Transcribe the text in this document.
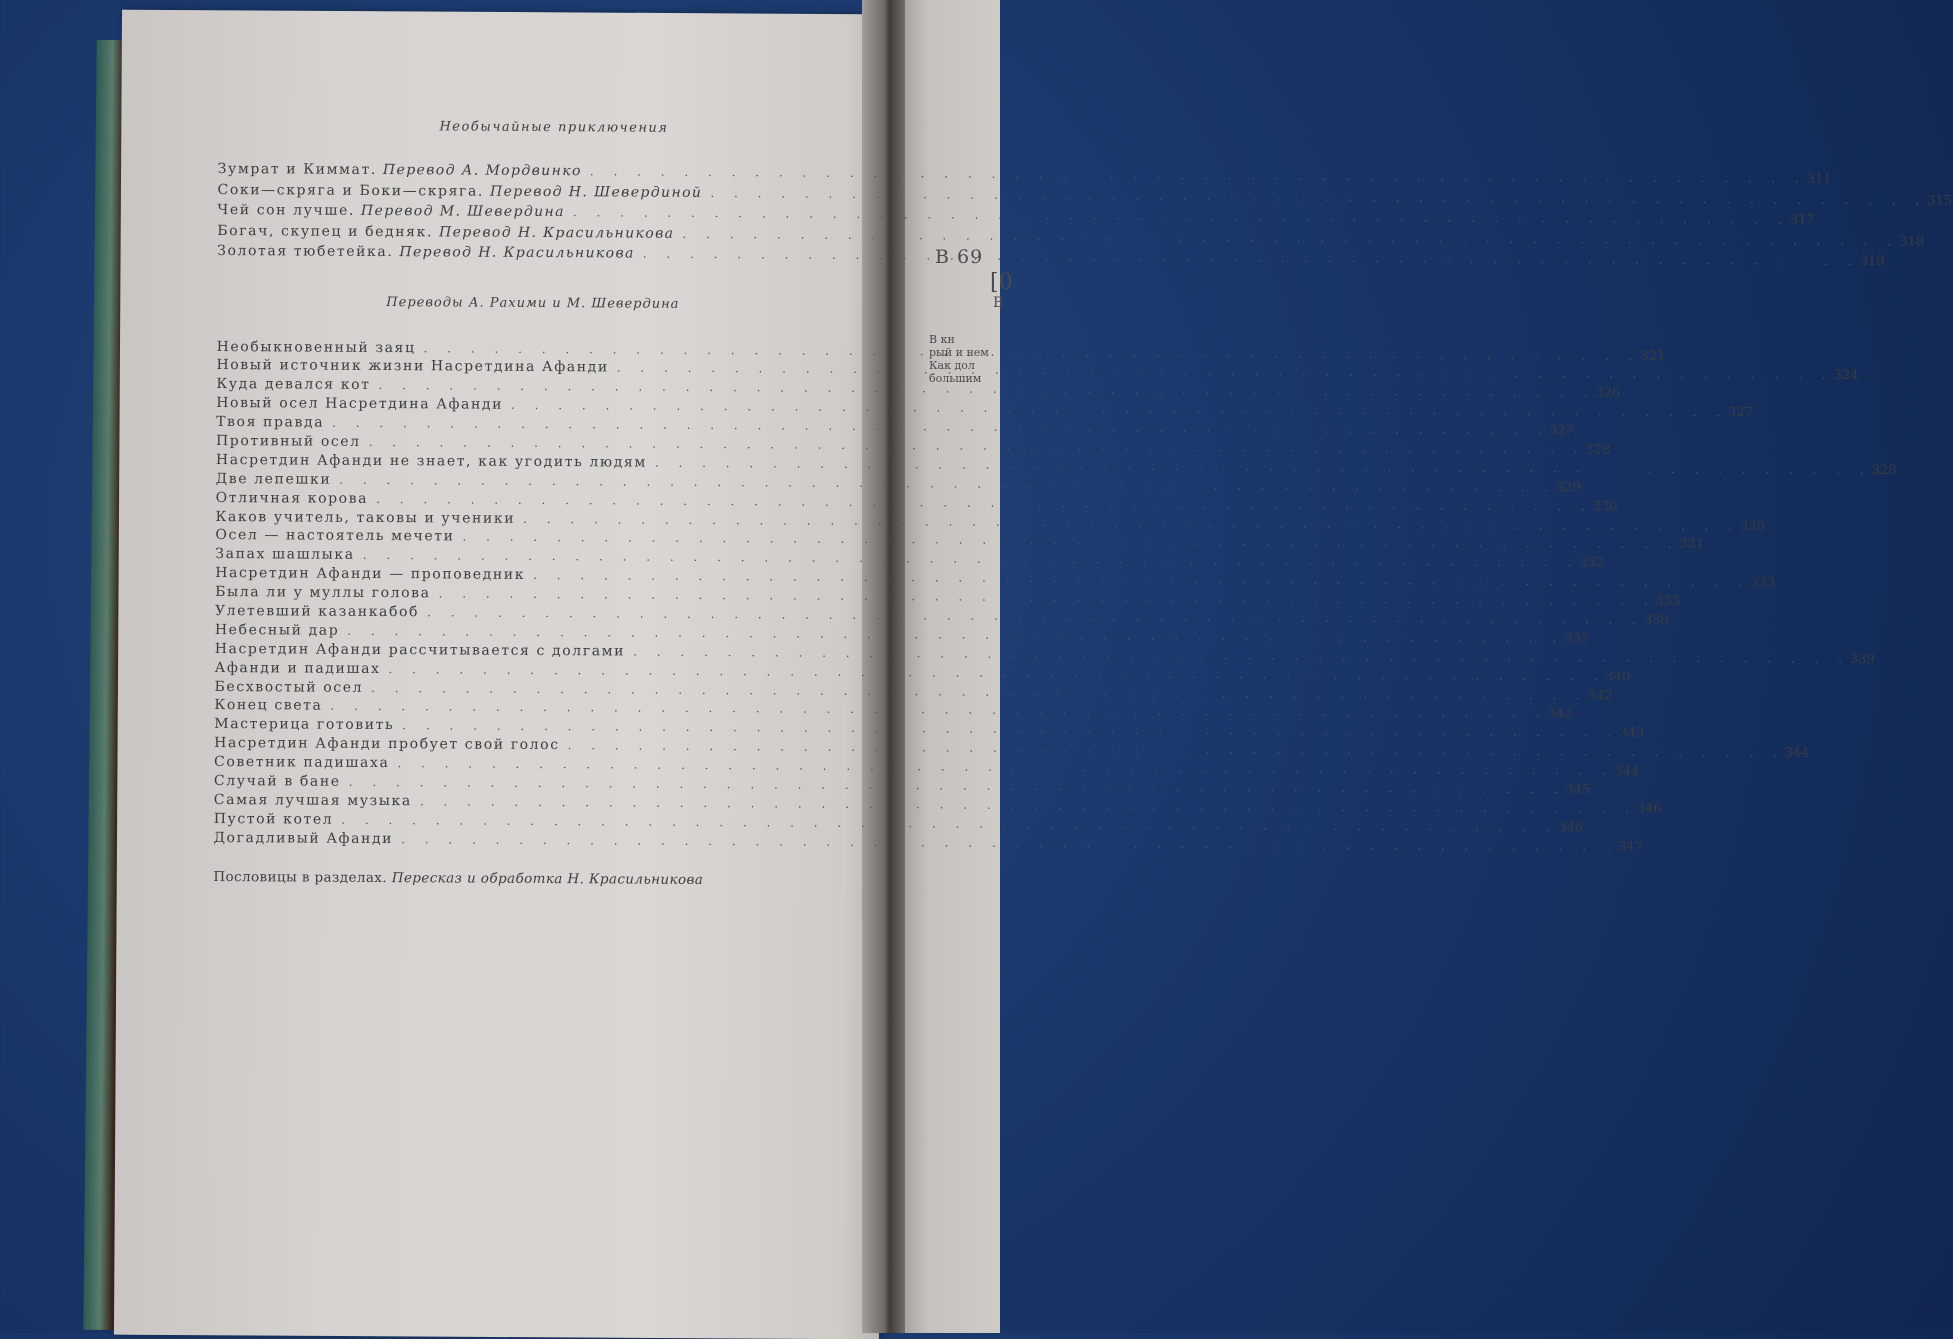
В 69
[0
В
В кн
рый и нем
Как дол
большим
Необычайные приключения
Зумрат и Киммат. Перевод А. Мордвинко
. . .
311
Соки—скряга и Боки—скряга. Перевод Н. Шевердиной
. . .
315
Чей сон лучше. Перевод М. Шевердина
. . .
317
Богач, скупец и бедняк. Перевод Н. Красильникова
. . .
318
Золотая тюбетейка. Перевод Н. Красильникова
. . .
319
Переводы А. Рахими и М. Шевердина
Необыкновенный заяц
. . .
321
Новый источник жизни Насретдина Афанди
. . .
324
Куда девался кот
. . .
326
Новый осел Насретдина Афанди
. . .
327
Твоя правда
. . .
327
Противный осел
. . .
328
Насретдин Афанди не знает, как угодить людям
. . .
328
Две лепешки
. . .
329
Отличная корова
. . .
330
Каков учитель, таковы и ученики
. . .
330
Осел — настоятель мечети
. . .
331
Запах шашлыка
. . .
332
Насретдин Афанди — проповедник
. . .
333
Была ли у муллы голова
. . .
333
Улетевший казанкабоб
. . .
336
Небесный дар
. . .
337
Насретдин Афанди рассчитывается с долгами
. . .
339
Афанди и падишах
. . .
340
Бесхвостый осел
. . .
342
Конец света
. . .
343
Мастерица готовить
. . .
343
Насретдин Афанди пробует свой голос
. . .
344
Советник падишаха
. . .
344
Случай в бане
. . .
345
Самая лучшая музыка
. . .
346
Пустой котел
. . .
346
Догадливый Афанди
. . .
347
Пословицы в разделах. Пересказ и обработка Н. Красильникова
